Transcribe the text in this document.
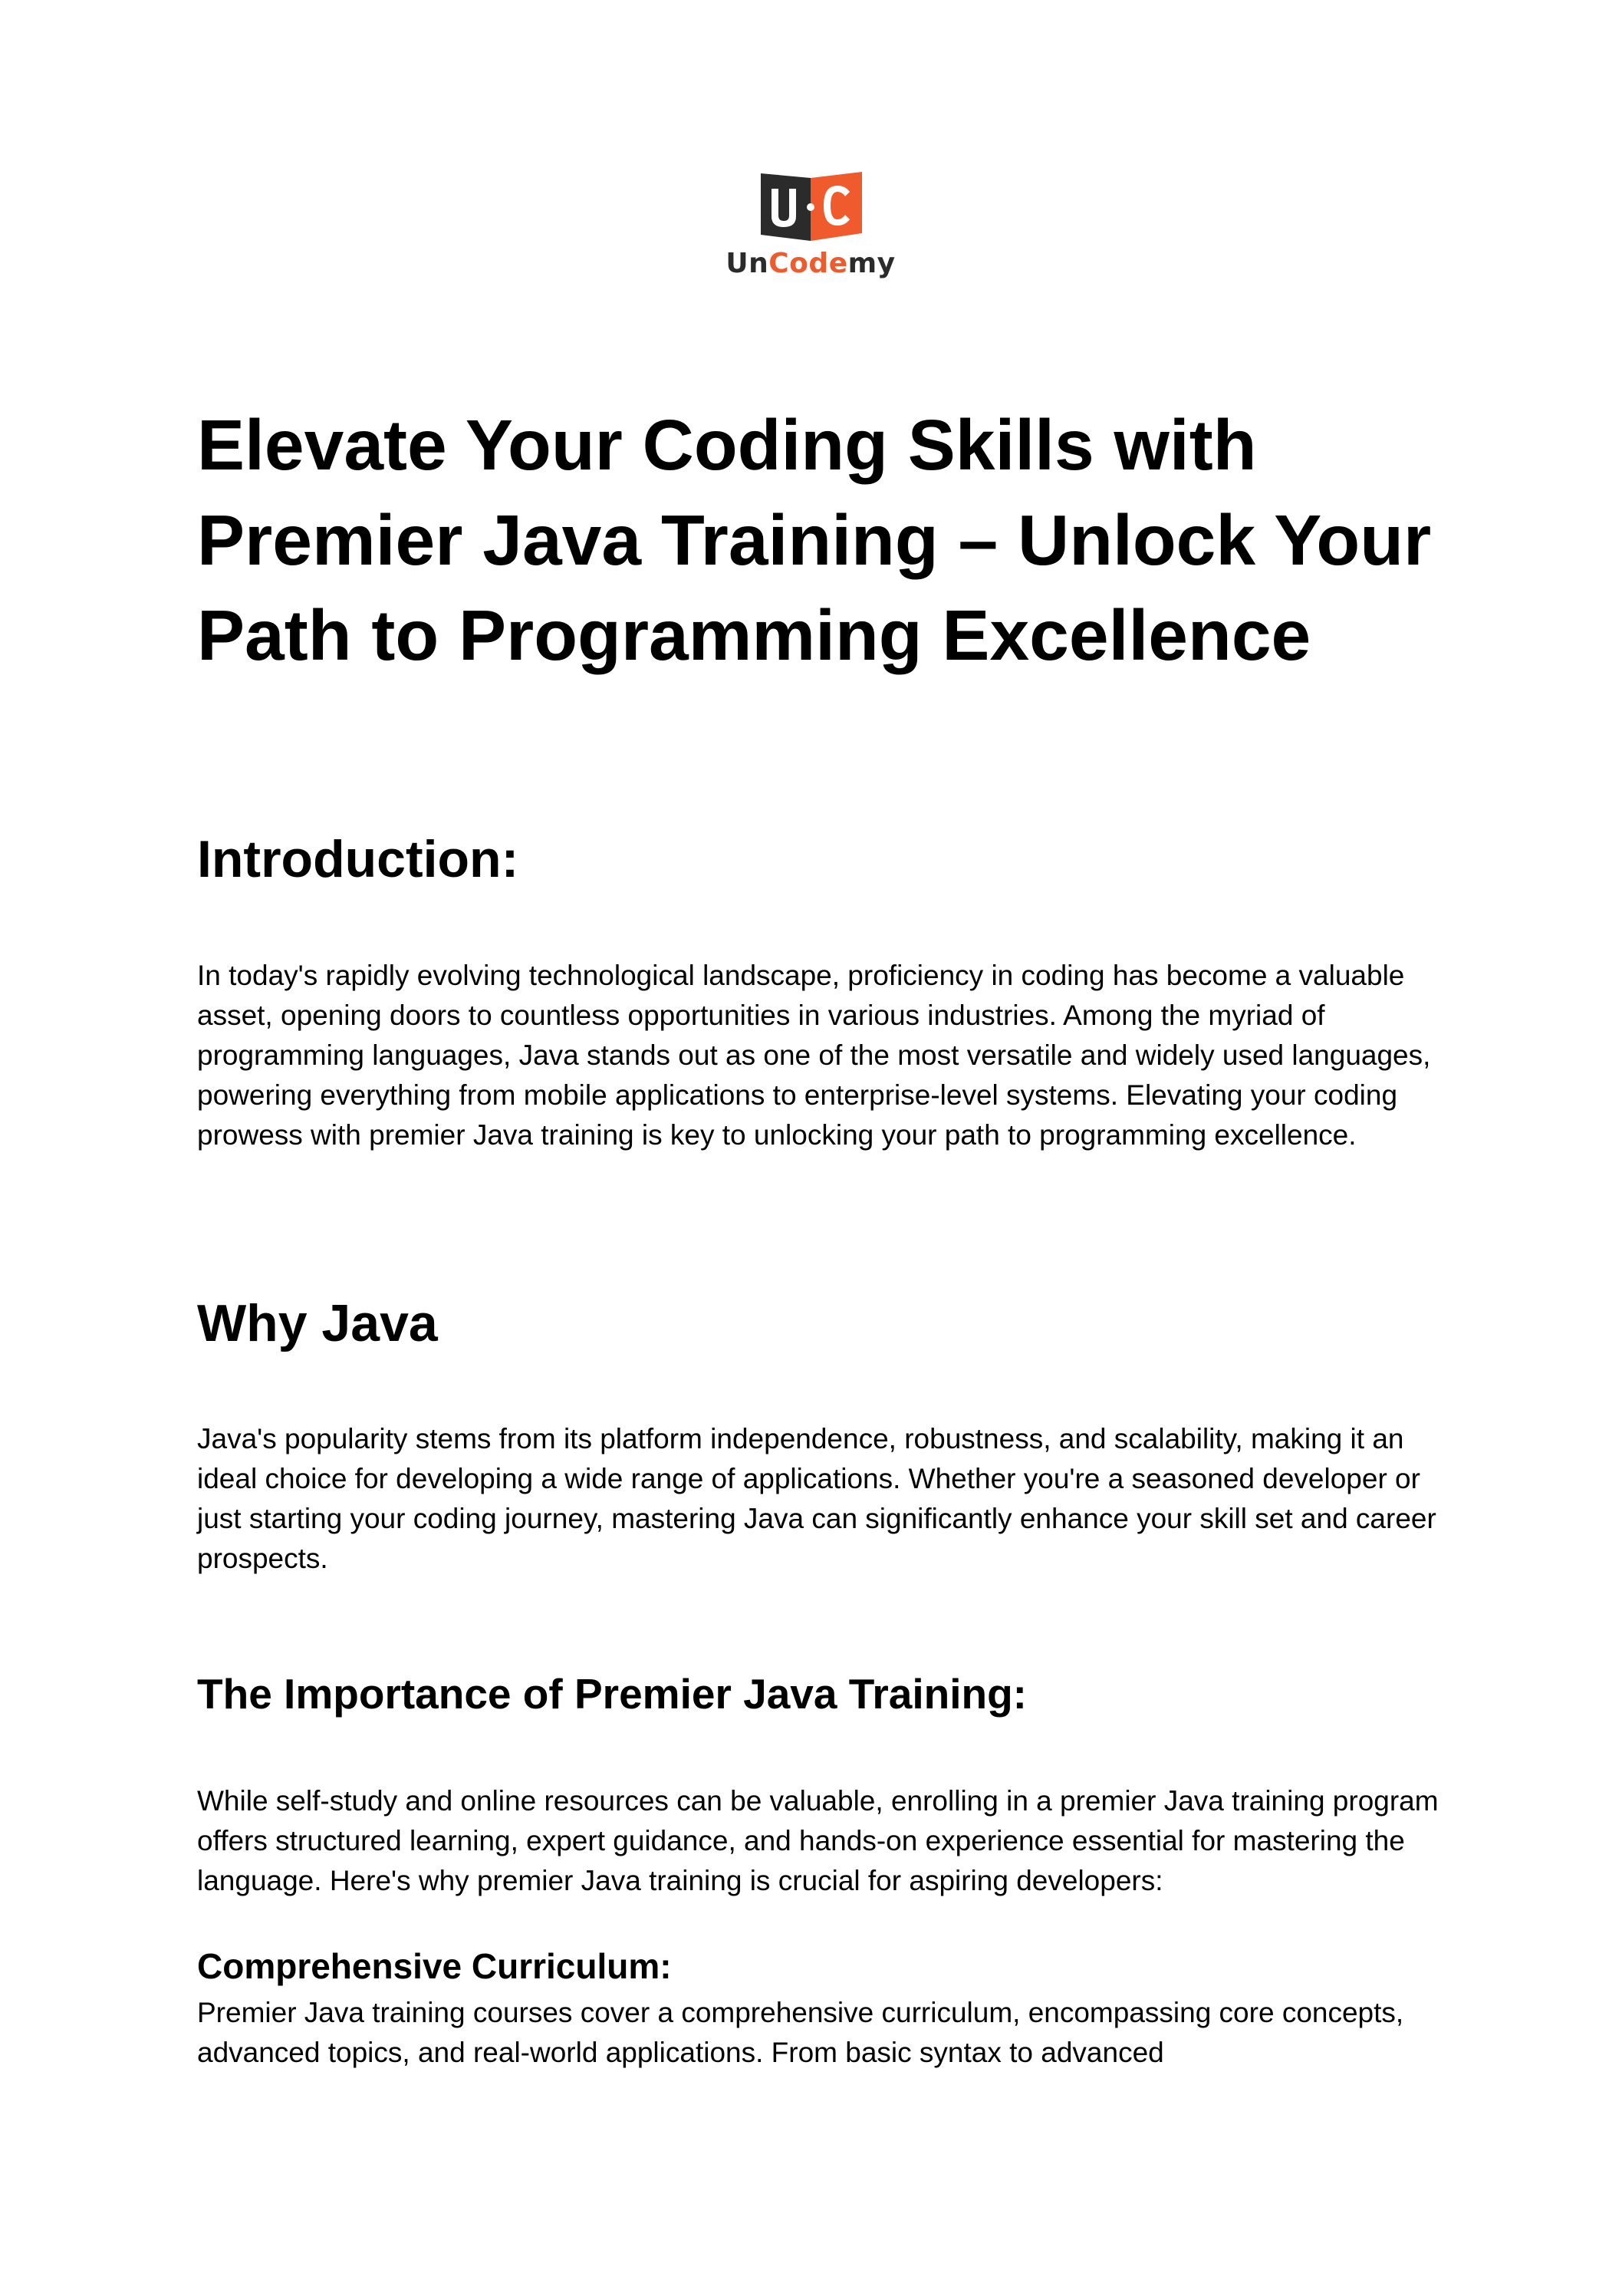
UnCodemy
Elevate Your Coding Skills with Premier Java Training – Unlock Your Path to Programming Excellence
Introduction:

In today's rapidly evolving technological landscape, proficiency in coding has become a valuable asset, opening doors to countless opportunities in various industries. Among the myriad of programming languages, Java stands out as one of the most versatile and widely used languages, powering everything from mobile applications to enterprise-level systems. Elevating your coding prowess with premier Java training is key to unlocking your path to programming excellence.

Why Java

Java's popularity stems from its platform independence, robustness, and scalability, making it an ideal choice for developing a wide range of applications. Whether you're a seasoned developer or just starting your coding journey, mastering Java can significantly enhance your skill set and career prospects.

The Importance of Premier Java Training:

While self-study and online resources can be valuable, enrolling in a premier Java training program offers structured learning, expert guidance, and hands-on experience essential for mastering the language. Here's why premier Java training is crucial for aspiring developers:

Comprehensive Curriculum:

Premier Java training courses cover a comprehensive curriculum, encompassing core concepts, advanced topics, and real-world applications. From basic syntax to advanced
